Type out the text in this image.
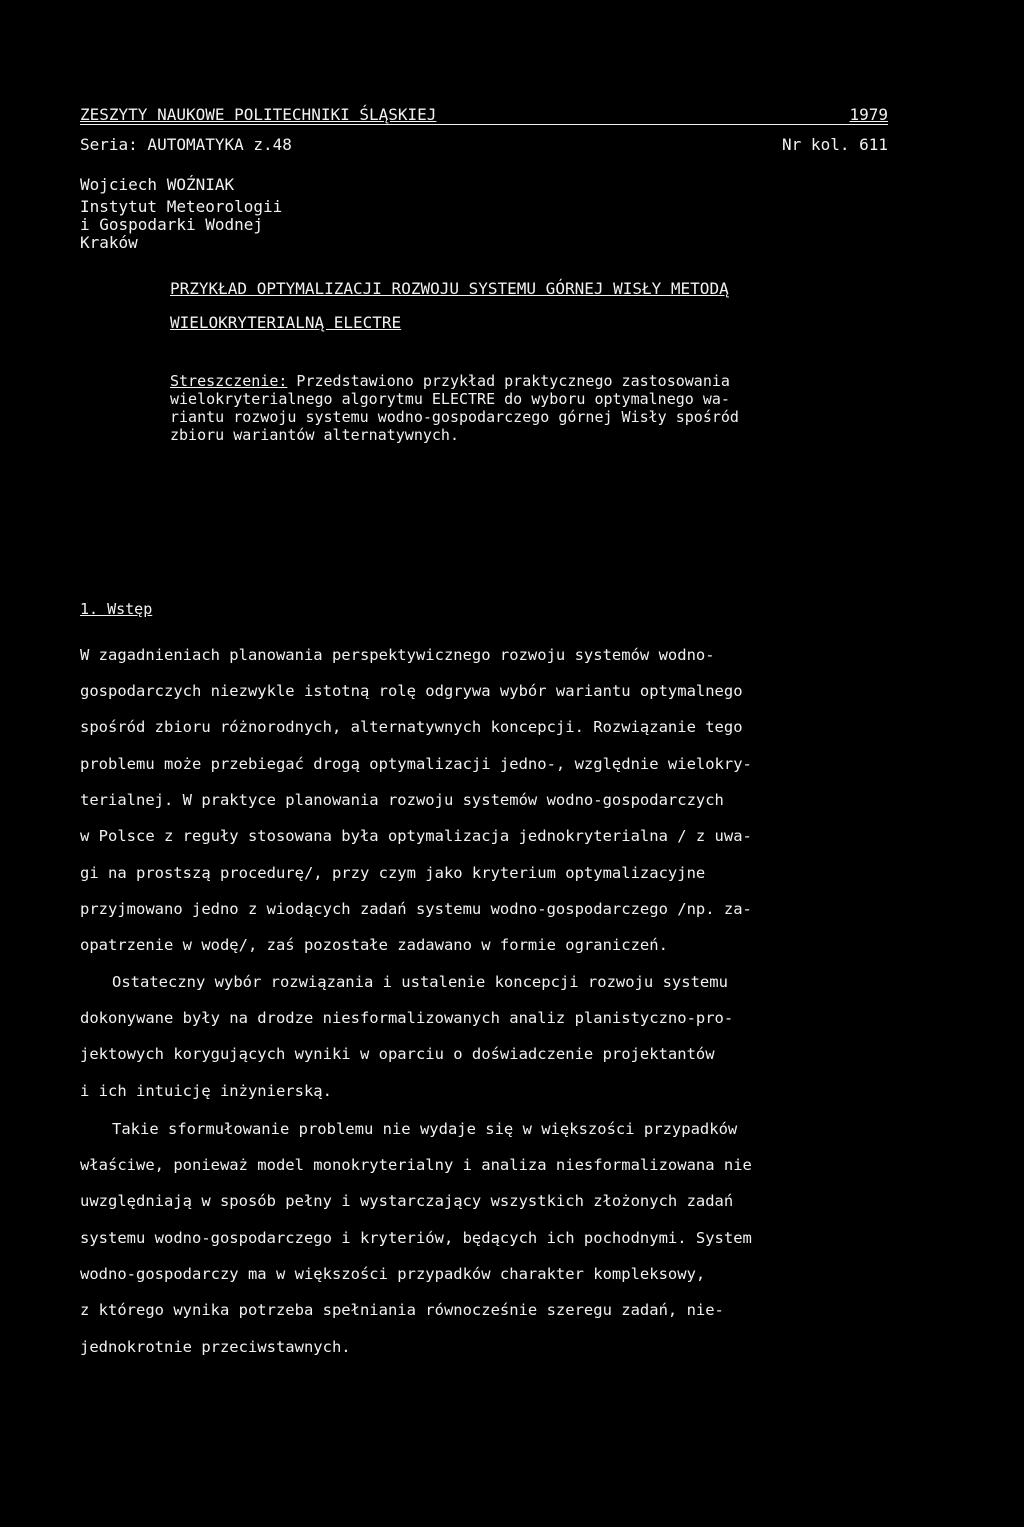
ZESZYTY NAUKOWE POLITECHNIKI ŚLĄSKIEJ	1979
Seria: AUTOMATYKA z.48	Nr kol. 611
Wojciech WOŹNIAK
Instytut Meteorologii
i Gospodarki Wodnej
Kraków
PRZYKŁAD OPTYMALIZACJI ROZWOJU SYSTEMU GÓRNEJ WISŁY METODĄ
WIELOKRYTERIALNĄ ELECTRE
Streszczenie: Przedstawiono przykład praktycznego zastosowania
wielokryterialnego algorytmu ELECTRE do wyboru optymalnego wa-
riantu rozwoju systemu wodno-gospodarczego górnej Wisły spośród
zbioru wariantów alternatywnych.
1. Wstęp
W zagadnieniach planowania perspektywicznego rozwoju systemów wodno-
gospodarczych niezwykle istotną rolę odgrywa wybór wariantu optymalnego
spośród zbioru różnorodnych, alternatywnych koncepcji. Rozwiązanie tego
problemu może przebiegać drogą optymalizacji jedno-, względnie wielokry-
terialnej. W praktyce planowania rozwoju systemów wodno-gospodarczych
w Polsce z reguły stosowana była optymalizacja jednokryterialna / z uwa-
gi na prostszą procedurę/, przy czym jako kryterium optymalizacyjne
przyjmowano jedno z wiodących zadań systemu wodno-gospodarczego /np. za-
opatrzenie w wodę/, zaś pozostałe zadawano w formie ograniczeń.
Ostateczny wybór rozwiązania i ustalenie koncepcji rozwoju systemu
dokonywane były na drodze niesformalizowanych analiz planistyczno-pro-
jektowych korygujących wyniki w oparciu o doświadczenie projektantów
i ich intuicję inżynierską.
Takie sformułowanie problemu nie wydaje się w większości przypadków
właściwe, ponieważ model monokryterialny i analiza niesformalizowana nie
uwzględniają w sposób pełny i wystarczający wszystkich złożonych zadań
systemu wodno-gospodarczego i kryteriów, będących ich pochodnymi. System
wodno-gospodarczy ma w większości przypadków charakter kompleksowy,
z którego wynika potrzeba spełniania równocześnie szeregu zadań, nie-
jednokrotnie przeciwstawnych.
